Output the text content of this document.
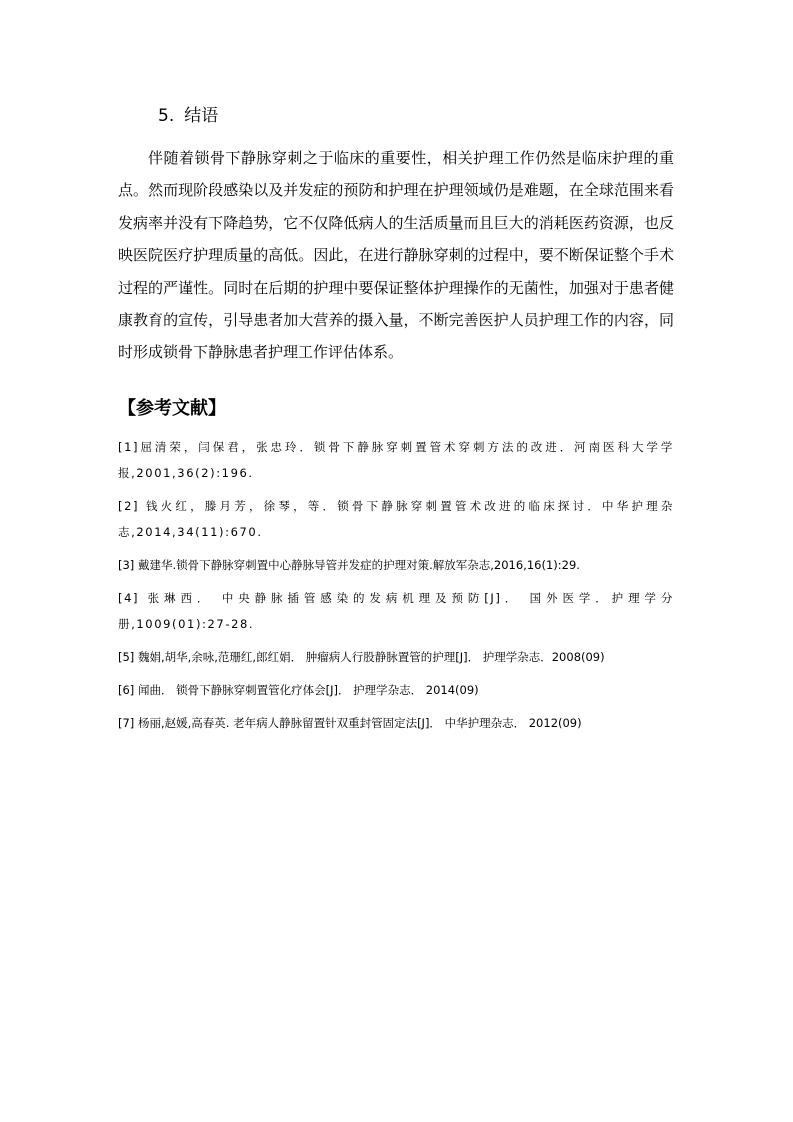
5. 结语

伴随着锁骨下静脉穿刺之于临床的重要性，相关护理工作仍然是临床护理的重点。然而现阶段感染以及并发症的预防和护理在护理领域仍是难题，在全球范围来看发病率并没有下降趋势，它不仅降低病人的生活质量而且巨大的消耗医药资源，也反映医院医疗护理质量的高低。因此，在进行静脉穿刺的过程中，要不断保证整个手术过程的严谨性。同时在后期的护理中要保证整体护理操作的无菌性，加强对于患者健康教育的宣传，引导患者加大营养的摄入量，不断完善医护人员护理工作的内容，同时形成锁骨下静脉患者护理工作评估体系。

【参考文献】
[1]屈清荣，闫保君，张忠玲．锁骨下静脉穿刺置管术穿刺方法的改进．河南医科大学学报,2001,36(2):196.
[2] 钱火红，滕月芳，徐琴，等．锁骨下静脉穿刺置管术改进的临床探讨．中华护理杂志,2014,34(11):670.
[3] 戴建华.锁骨下静脉穿刺置中心静脉导管并发症的护理对策.解放军杂志,2016,16(1):29.
[4] 张琳西． 中央静脉插管感染的发病机理及预防[J]． 国外医学．护理学分册,1009(01):27-28.
[5] 魏娟,胡华,余咏,范珊红,郎红娟． 肿瘤病人行股静脉置管的护理[J]． 护理学杂志．2008(09)
[6] 闻曲． 锁骨下静脉穿刺置管化疗体会[J]． 护理学杂志． 2014(09)
[7] 杨丽,赵媛,高春英. 老年病人静脉留置针双重封管固定法[J]． 中华护理杂志． 2012(09)
